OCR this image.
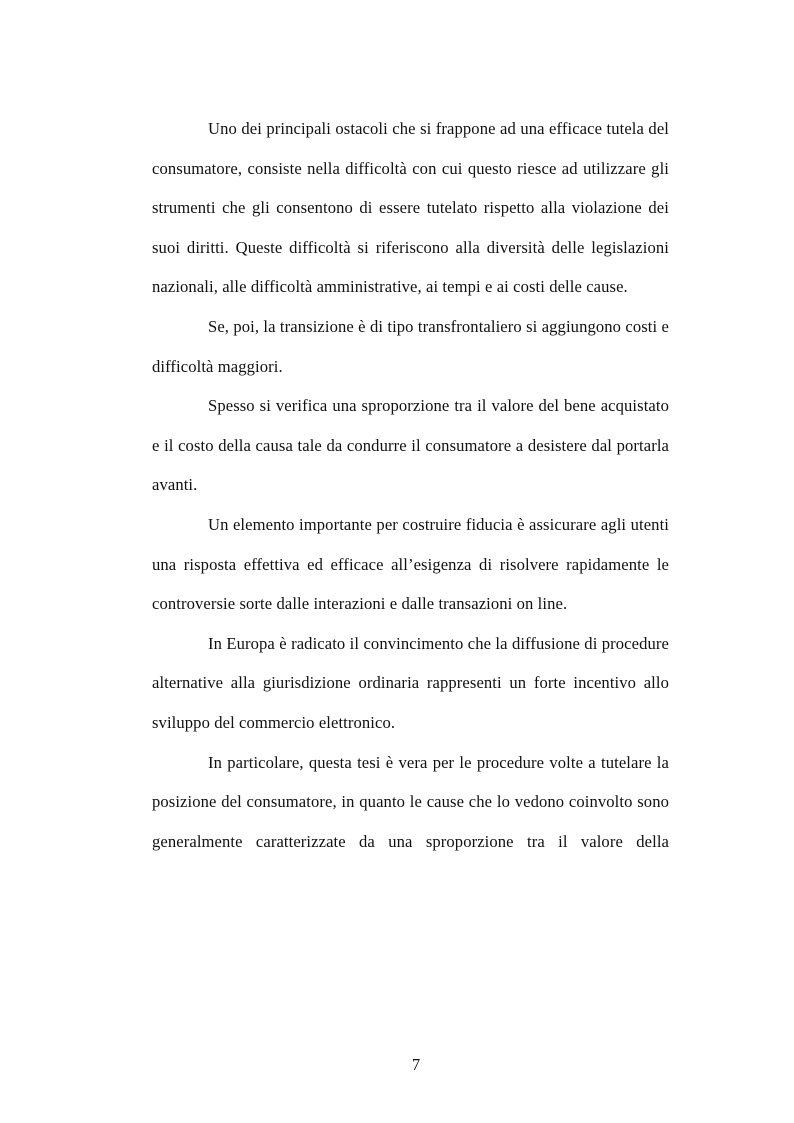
Uno dei principali ostacoli che si frappone ad una efficace tutela del consumatore, consiste nella difficoltà con cui questo riesce ad utilizzare gli strumenti che gli consentono di essere tutelato rispetto alla violazione dei suoi diritti. Queste difficoltà si riferiscono alla diversità delle legislazioni nazionali, alle difficoltà amministrative, ai tempi e ai costi delle cause.

Se, poi, la transizione è di tipo transfrontaliero si aggiungono costi e difficoltà maggiori.

Spesso si verifica una sproporzione tra il valore del bene acquistato e il costo della causa tale da condurre il consumatore a desistere dal portarla avanti.

Un elemento importante per costruire fiducia è assicurare agli utenti una risposta effettiva ed efficace all’esigenza di risolvere rapidamente le controversie sorte dalle interazioni e dalle transazioni on line.

In Europa è radicato il convincimento che la diffusione di procedure alternative alla giurisdizione ordinaria rappresenti un forte incentivo allo sviluppo del commercio elettronico.

In particolare, questa tesi è vera per le procedure volte a tutelare la posizione del consumatore, in quanto le cause che lo vedono coinvolto sono generalmente caratterizzate da una sproporzione tra il valore della

7
